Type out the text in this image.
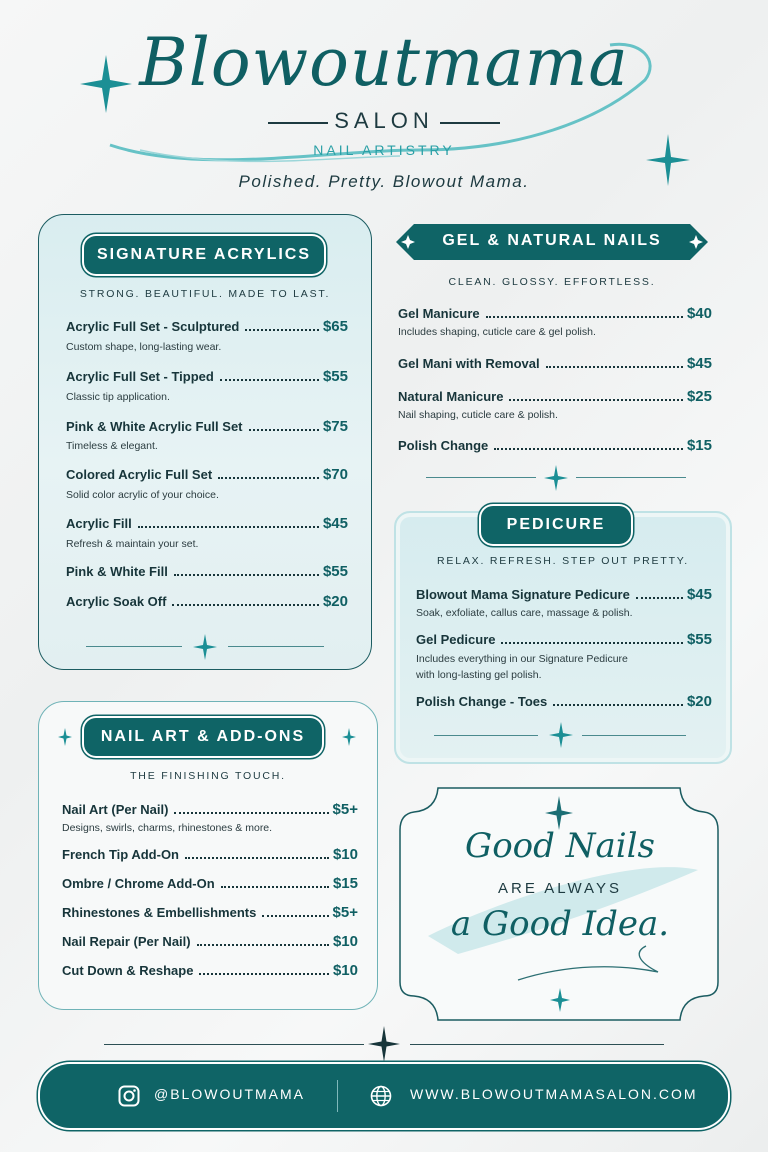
Blowoutmama
SALON
NAIL ARTISTRY
Polished. Pretty. Blowout Mama.
SIGNATURE ACRYLICS
STRONG. BEAUTIFUL. MADE TO LAST.
Acrylic Full Set - Sculptured	$65
Custom shape, long-lasting wear.
Acrylic Full Set - Tipped	$55
Classic tip application.
Pink & White Acrylic Full Set	$75
Timeless & elegant.
Colored Acrylic Full Set	$70
Solid color acrylic of your choice.
Acrylic Fill	$45
Refresh & maintain your set.
Pink & White Fill	$55
Acrylic Soak Off	$20
GEL & NATURAL NAILS
CLEAN. GLOSSY. EFFORTLESS.
Gel Manicure	$40
Includes shaping, cuticle care & gel polish.
Gel Mani with Removal	$45
Natural Manicure	$25
Nail shaping, cuticle care & polish.
Polish Change	$15
PEDICURE
RELAX. REFRESH. STEP OUT PRETTY.
Blowout Mama Signature Pedicure	$45
Soak, exfoliate, callus care, massage & polish.
Gel Pedicure	$55
Includes everything in our Signature Pedicure
with long-lasting gel polish.
Polish Change - Toes	$20
NAIL ART & ADD-ONS
THE FINISHING TOUCH.
Nail Art (Per Nail)	$5+
Designs, swirls, charms, rhinestones & more.
French Tip Add-On	$10
Ombre / Chrome Add-On	$15
Rhinestones & Embellishments	$5+
Nail Repair (Per Nail)	$10
Cut Down & Reshape	$10
Good Nails
ARE ALWAYS
a Good Idea.
@BLOWOUTMAMA	WWW.BLOWOUTMAMASALON.COM
